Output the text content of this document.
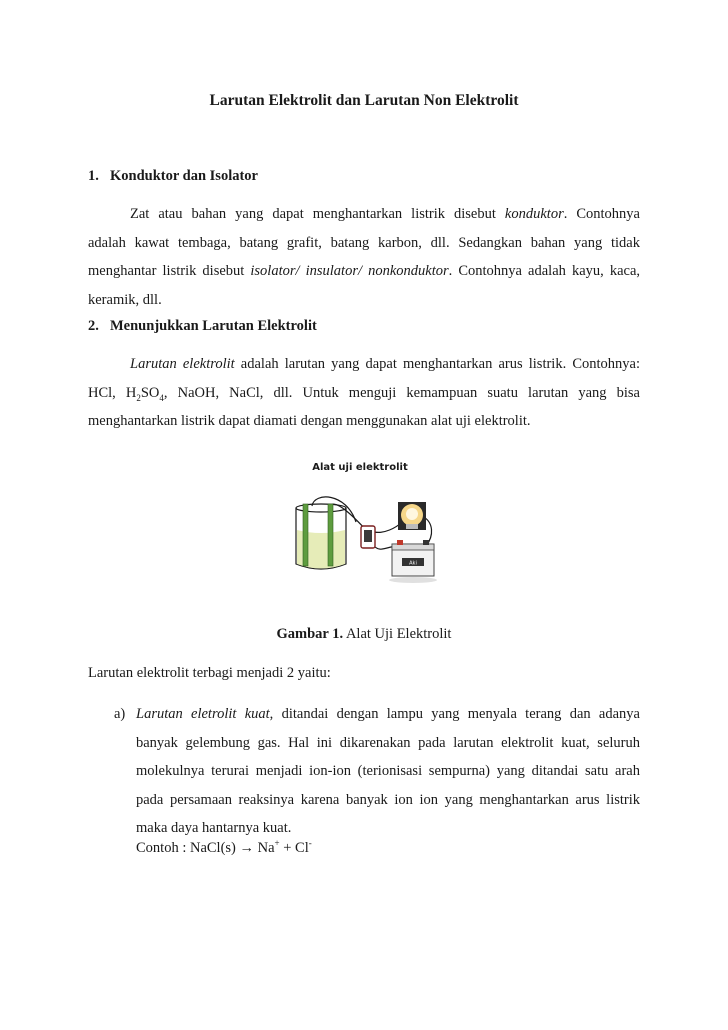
Larutan Elektrolit dan Larutan Non Elektrolit
1. Konduktor dan Isolator
Zat atau bahan yang dapat menghantarkan listrik disebut konduktor. Contohnya
adalah kawat tembaga, batang grafit, batang karbon, dll. Sedangkan bahan yang tidak
menghantar listrik disebut isolator/ insulator/ nonkonduktor. Contohnya adalah kayu, kaca,
keramik, dll.
2. Menunjukkan Larutan Elektrolit
Larutan elektrolit adalah larutan yang dapat menghantarkan arus listrik. Contohnya:
HCl, $H_2SO_4$, NaOH, NaCl, dll. Untuk menguji kemampuan suatu larutan yang bisa
menghantarkan listrik dapat diamati dengan menggunakan alat uji elektrolit.
Alat uji elektrolit
Aki
Gambar 1. Alat Uji Elektrolit
Larutan elektrolit terbagi menjadi 2 yaitu:
a) Larutan eletrolit kuat, ditandai dengan lampu yang menyala terang dan adanya
banyak gelembung gas. Hal ini dikarenakan pada larutan elektrolit kuat, seluruh
molekulnya terurai menjadi ion-ion (terionisasi sempurna) yang ditandai satu arah
pada persamaan reaksinya karena banyak ion ion yang menghantarkan arus listrik
maka daya hantarnya kuat.
Contoh : NaCl(s) → Na+ + Cl-
